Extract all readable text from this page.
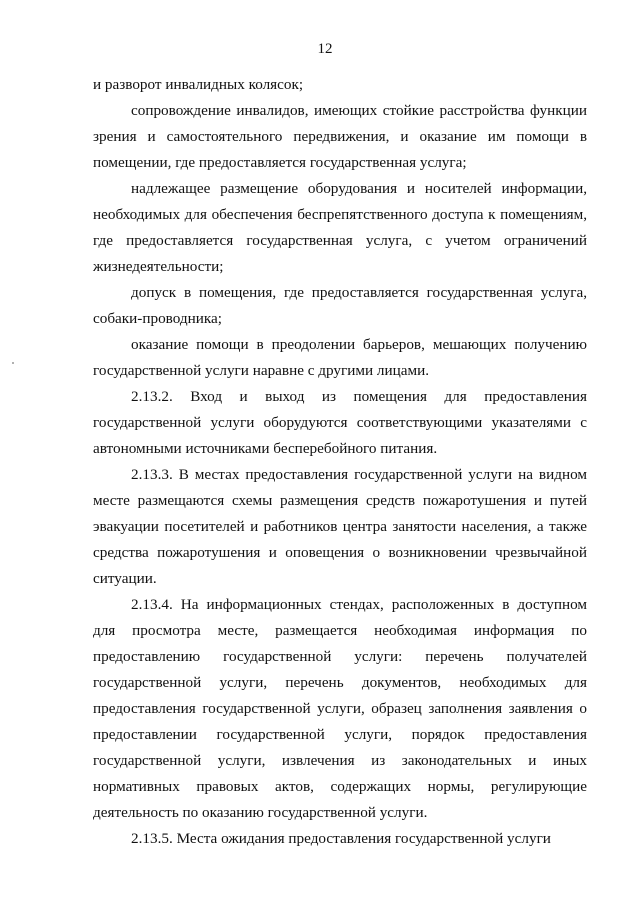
12

и разворот инвалидных колясок;

сопровождение инвалидов, имеющих стойкие расстройства функции зрения и самостоятельного передвижения, и оказание им помощи в помещении, где предоставляется государственная услуга;

надлежащее размещение оборудования и носителей информации, необходимых для обеспечения беспрепятственного доступа к помещениям, где предоставляется государственная услуга, с учетом ограничений жизнедеятельности;

допуск в помещения, где предоставляется государственная услуга, собаки-проводника;

оказание помощи в преодолении барьеров, мешающих получению государственной услуги наравне с другими лицами.

2.13.2. Вход и выход из помещения для предоставления государственной услуги оборудуются соответствующими указателями с автономными источниками бесперебойного питания.

2.13.3. В местах предоставления государственной услуги на видном месте размещаются схемы размещения средств пожаротушения и путей эвакуации посетителей и работников центра занятости населения, а также средства пожаротушения и оповещения о возникновении чрезвычайной ситуации.

2.13.4. На информационных стендах, расположенных в доступном для просмотра месте, размещается необходимая информация по предоставлению государственной услуги: перечень получателей государственной услуги, перечень документов, необходимых для предоставления государственной услуги, образец заполнения заявления о предоставлении государственной услуги, порядок предоставления государственной услуги, извлечения из законодательных и иных нормативных правовых актов, содержащих нормы, регулирующие деятельность по оказанию государственной услуги.

2.13.5. Места ожидания предоставления государственной услуги
